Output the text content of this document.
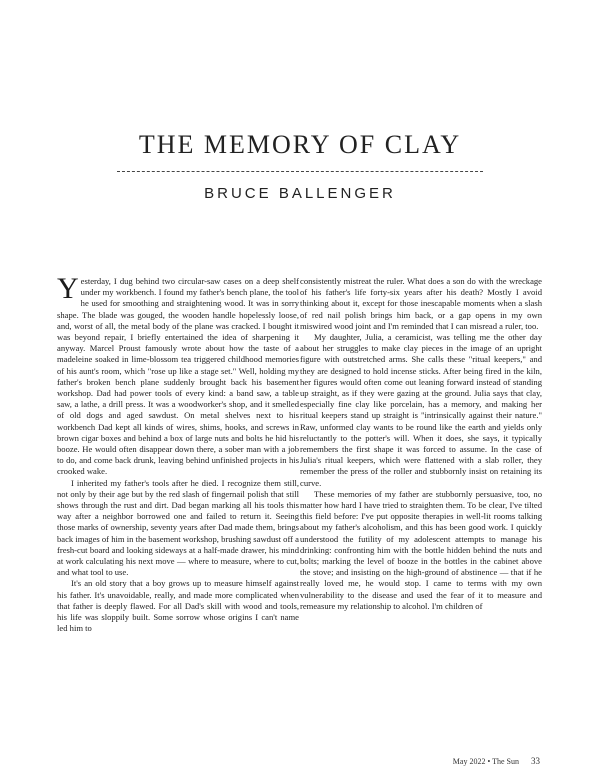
THE MEMORY OF CLAY
BRUCE BALLENGER

Yesterday, I dug behind two circular-saw cases on a deep shelf under my workbench. I found my father's bench plane, the tool he used for smoothing and straightening wood. It was in sorry shape. The blade was gouged, the wooden handle hopelessly loose, and, worst of all, the metal body of the plane was cracked. I bought it was beyond repair, I briefly entertained the idea of sharpening it anyway. Marcel Proust famously wrote about how the taste of a madeleine soaked in lime-blossom tea triggered childhood memories of his aunt's room, which "rose up like a stage set." Well, holding my father's broken bench plane suddenly brought back his basement workshop. Dad had power tools of every kind: a band saw, a table saw, a lathe, a drill press. It was a woodworker's shop, and it smelled of old dogs and aged sawdust. On metal shelves next to his workbench Dad kept all kinds of wires, shims, hooks, and screws in brown cigar boxes and behind a box of large nuts and bolts he hid his booze. He would often disappear down there, a sober man with a job to do, and come back drunk, leaving behind unfinished projects in his crooked wake.

I inherited my father's tools after he died. I recognize them still, not only by their age but by the red slash of fingernail polish that still shows through the rust and dirt. Dad began marking all his tools this way after a neighbor borrowed one and failed to return it. Seeing those marks of ownership, seventy years after Dad made them, brings back images of him in the basement workshop, brushing sawdust off a fresh-cut board and looking sideways at a half-made drawer, his mind at work calculating his next move — where to measure, where to cut, and what tool to use.

It's an old story that a boy grows up to measure himself against his father. It's unavoidable, really, and made more complicated when that father is deeply flawed. For all Dad's skill with wood and tools, his life was sloppily built. Some sorrow whose origins I can't name led him to

consistently mistreat the ruler. What does a son do with the wreckage of his father's life forty-six years after his death? Mostly I avoid thinking about it, except for those inescapable moments when a slash of red nail polish brings him back, or a gap opens in my own miswired wood joint and I'm reminded that I can misread a ruler, too.

My daughter, Julia, a ceramicist, was telling me the other day about her struggles to make clay pieces in the image of an upright figure with outstretched arms. She calls these "ritual keepers," and they are designed to hold incense sticks. After being fired in the kiln, her figures would often come out leaning forward instead of standing up straight, as if they were gazing at the ground. Julia says that clay, especially fine clay like porcelain, has a memory, and making her ritual keepers stand up straight is "intrinsically against their nature." Raw, unformed clay wants to be round like the earth and yields only reluctantly to the potter's will. When it does, she says, it typically remembers the first shape it was forced to assume. In the case of Julia's ritual keepers, which were flattened with a slab roller, they remember the press of the roller and stubbornly insist on retaining its curve.

These memories of my father are stubbornly persuasive, too, no matter how hard I have tried to straighten them. To be clear, I've tilted this field before: I've put opposite therapies in well-lit rooms talking about my father's alcoholism, and this has been good work. I quickly understood the futility of my adolescent attempts to manage his drinking: confronting him with the bottle hidden behind the nuts and bolts; marking the level of booze in the bottles in the cabinet above the stove; and insisting on the high-ground of abstinence — that if he really loved me, he would stop. I came to terms with my own vulnerability to the disease and used the fear of it to measure and remeasure my relationship to alcohol. I'm children of

May 2022 • The Sun 33
